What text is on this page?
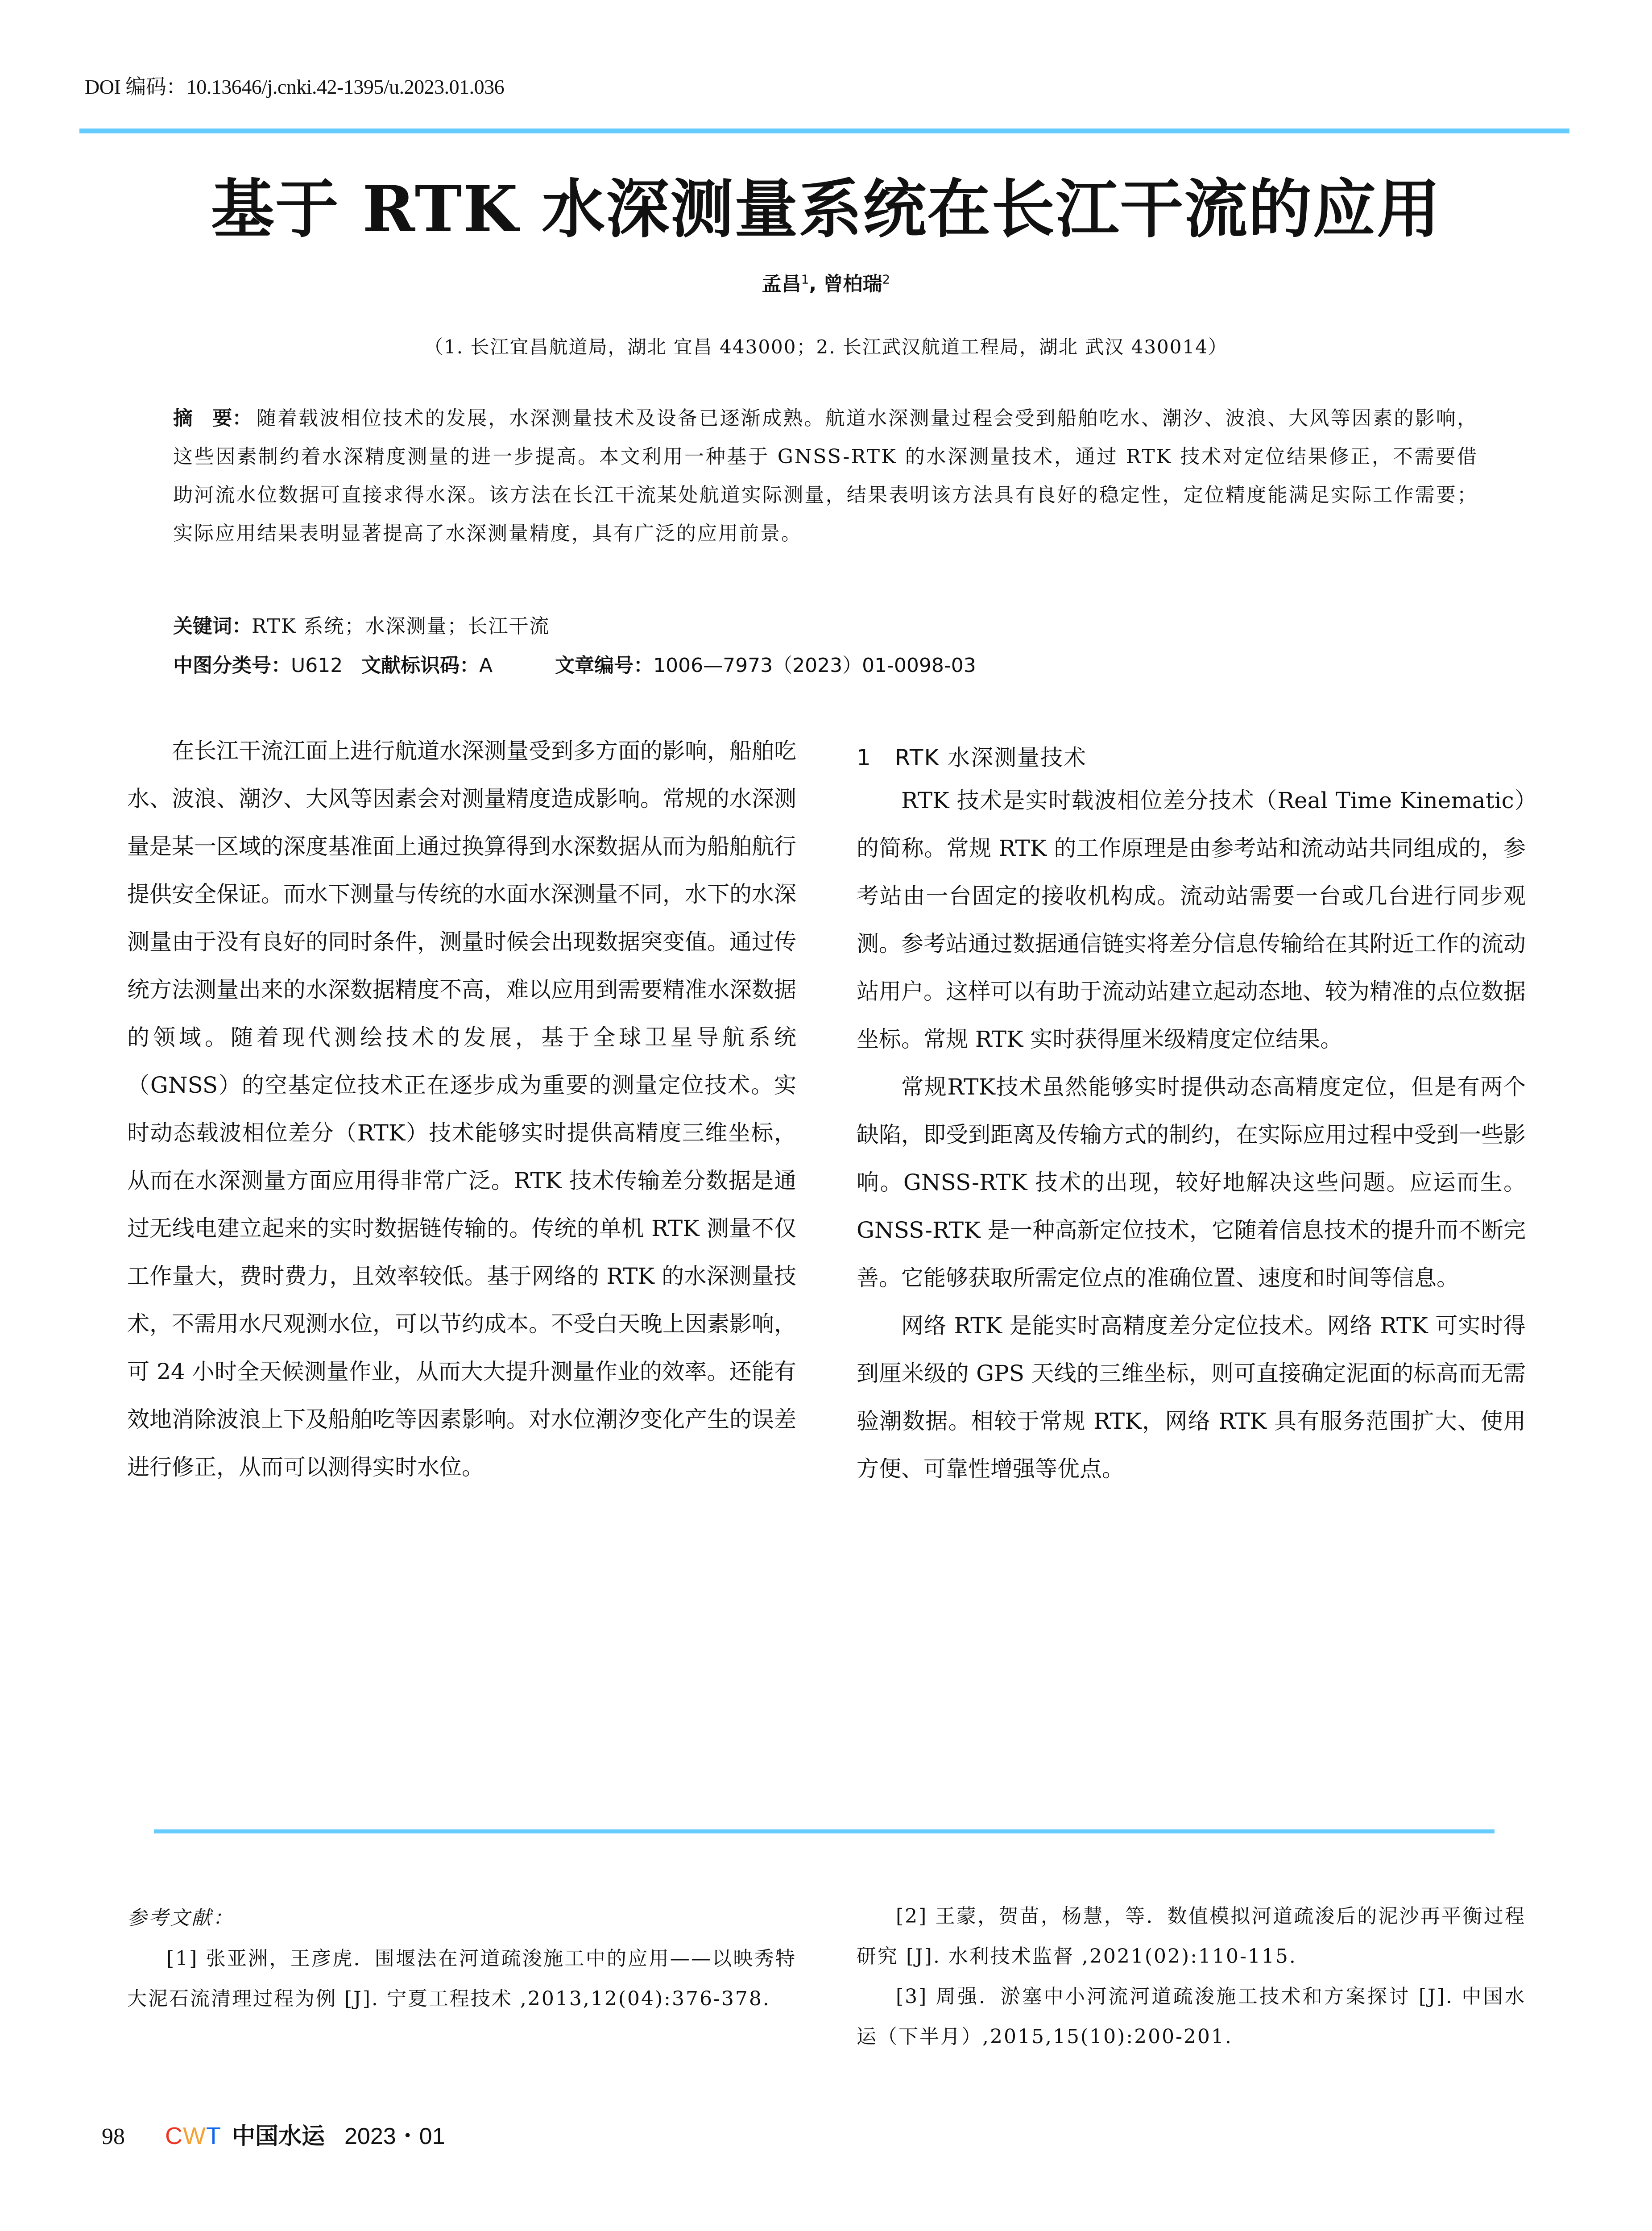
DOI 编码：10.13646/j.cnki.42-1395/u.2023.01.036
基于 RTK 水深测量系统在长江干流的应用
孟昌$^1$, 曾柏瑞$^2$
（1. 长江宜昌航道局，湖北 宜昌 443000；2. 长江武汉航道工程局，湖北 武汉 430014）
摘　要： 随着载波相位技术的发展，水深测量技术及设备已逐渐成熟。航道水深测量过程会受到船舶吃水、潮汐、波浪、大风等因素的影响，这些因素制约着水深精度测量的进一步提高。本文利用一种基于 GNSS-RTK 的水深测量技术，通过 RTK 技术对定位结果修正，不需要借助河流水位数据可直接求得水深。该方法在长江干流某处航道实际测量，结果表明该方法具有良好的稳定性，定位精度能满足实际工作需要；实际应用结果表明显著提高了水深测量精度，具有广泛的应用前景。
关键词：RTK 系统；水深测量；长江干流
中图分类号：U612 文献标识码：A	文章编号：1006—7973（2023）01-0098-03

在长江干流江面上进行航道水深测量受到多方面的影响，船舶吃水、波浪、潮汐、大风等因素会对测量精度造成影响。常规的水深测量是某一区域的深度基准面上通过换算得到水深数据从而为船舶航行提供安全保证。而水下测量与传统的水面水深测量不同，水下的水深测量由于没有良好的同时条件，测量时候会出现数据突变值。通过传统方法测量出来的水深数据精度不高，难以应用到需要精准水深数据的领域。随着现代测绘技术的发展，基于全球卫星导航系统（GNSS）的空基定位技术正在逐步成为重要的测量定位技术。实时动态载波相位差分（RTK）技术能够实时提供高精度三维坐标，从而在水深测量方面应用得非常广泛。RTK 技术传输差分数据是通过无线电建立起来的实时数据链传输的。传统的单机 RTK 测量不仅工作量大，费时费力，且效率较低。基于网络的 RTK 的水深测量技术，不需用水尺观测水位，可以节约成本。不受白天晚上因素影响，可 24 小时全天候测量作业，从而大大提升测量作业的效率。还能有效地消除波浪上下及船舶吃等因素影响。对水位潮汐变化产生的误差进行修正，从而可以测得实时水位。

1　RTK 水深测量技术

RTK 技术是实时载波相位差分技术（Real Time Kinematic）的简称。常规 RTK 的工作原理是由参考站和流动站共同组成的，参考站由一台固定的接收机构成。流动站需要一台或几台进行同步观测。参考站通过数据通信链实将差分信息传输给在其附近工作的流动站用户。这样可以有助于流动站建立起动态地、较为精准的点位数据坐标。常规 RTK 实时获得厘米级精度定位结果。

常规RTK技术虽然能够实时提供动态高精度定位，但是有两个缺陷，即受到距离及传输方式的制约，在实际应用过程中受到一些影响。GNSS-RTK 技术的出现，较好地解决这些问题。应运而生。GNSS-RTK 是一种高新定位技术，它随着信息技术的提升而不断完善。它能够获取所需定位点的准确位置、速度和时间等信息。

网络 RTK 是能实时高精度差分定位技术。网络 RTK 可实时得到厘米级的 GPS 天线的三维坐标，则可直接确定泥面的标高而无需验潮数据。相较于常规 RTK，网络 RTK 具有服务范围扩大、使用方便、可靠性增强等优点。

参考文献：

[1] 张亚洲，王彦虎．围堰法在河道疏浚施工中的应用——以映秀特大泥石流清理过程为例 [J]. 宁夏工程技术 ,2013,12(04):376-378.

[2] 王蒙，贺苗，杨慧，等．数值模拟河道疏浚后的泥沙再平衡过程研究 [J]. 水利技术监督 ,2021(02):110-115.

[3] 周强．淤塞中小河流河道疏浚施工技术和方案探讨 [J]. 中国水运（下半月）,2015,15(10):200-201.

98 CWT 中国水运 2023・01
